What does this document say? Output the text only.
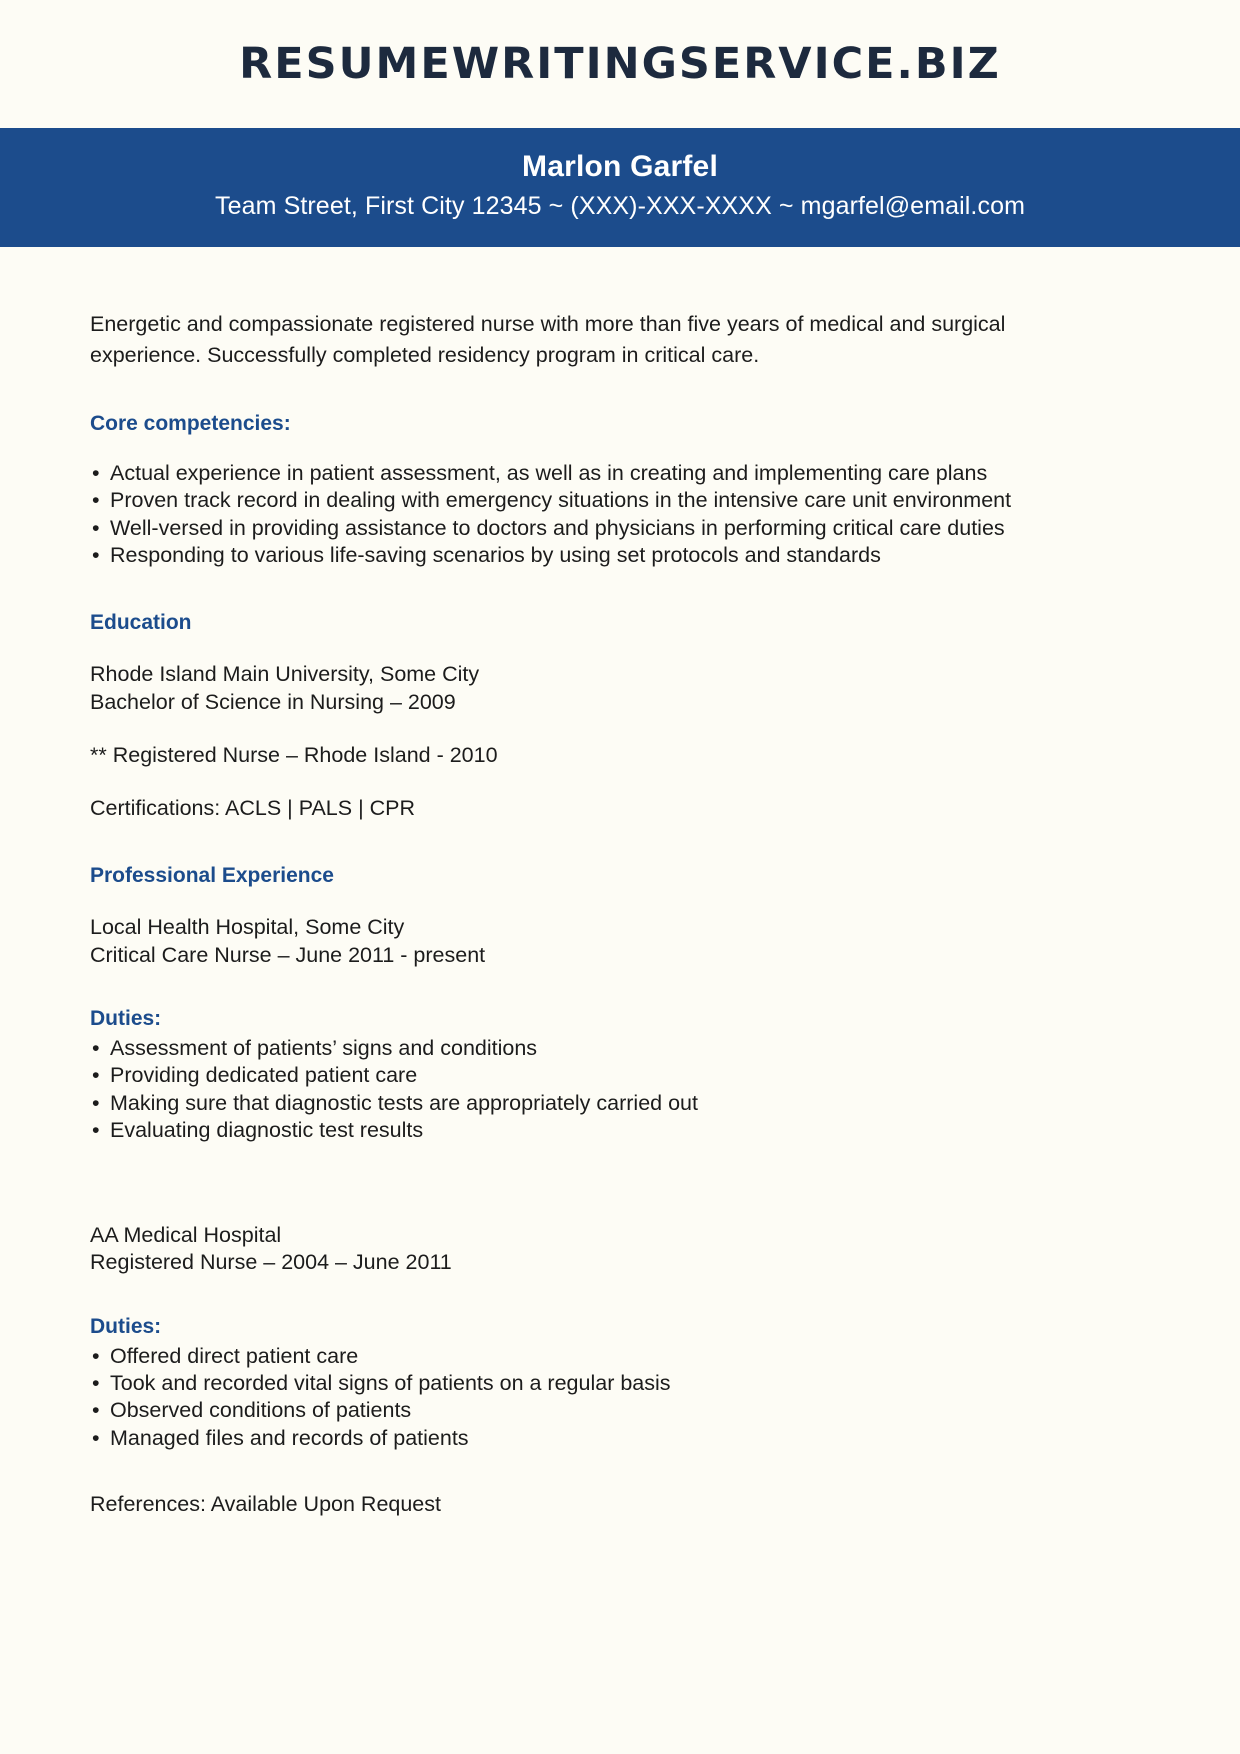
RESUMEWRITINGSERVICE.BIZ
Marlon Garfel
Team Street, First City 12345 ~ (XXX)-XXX-XXXX ~ mgarfel@email.com
Energetic and compassionate registered nurse with more than five years of medical and surgical experience. Successfully completed residency program in critical care.
Core competencies:
• Actual experience in patient assessment, as well as in creating and implementing care plans
• Proven track record in dealing with emergency situations in the intensive care unit environment
• Well-versed in providing assistance to doctors and physicians in performing critical care duties
• Responding to various life-saving scenarios by using set protocols and standards
Education
Rhode Island Main University, Some City
Bachelor of Science in Nursing – 2009
** Registered Nurse – Rhode Island - 2010
Certifications: ACLS | PALS | CPR
Professional Experience
Local Health Hospital, Some City
Critical Care Nurse – June 2011 - present
Duties:
• Assessment of patients’ signs and conditions
• Providing dedicated patient care
• Making sure that diagnostic tests are appropriately carried out
• Evaluating diagnostic test results
AA Medical Hospital
Registered Nurse – 2004 – June 2011
Duties:
• Offered direct patient care
• Took and recorded vital signs of patients on a regular basis
• Observed conditions of patients
• Managed files and records of patients
References: Available Upon Request
